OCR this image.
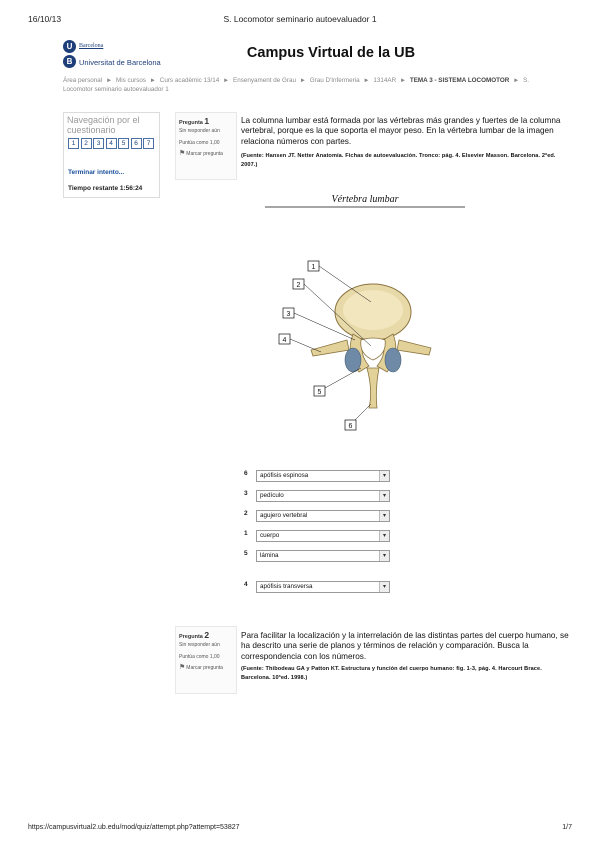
16/10/13	S. Locomotor seminario autoevaluador 1
U	Barcelona
B Universitat de Barcelona
Campus Virtual de la UB
Área personal ► Mis cursos ► Curs acadèmic 13/14 ► Ensenyament de Grau ► Grau D'Infermeria ► 1314AR ► TEMA 3 - SISTEMA LOCOMOTOR ► S. Locomotor seminario autoevaluador 1
Navegación por el cuestionario
1 2 3 4 5 6 7
Terminar intento...
Tiempo restante 1:56:24
Pregunta 1
Sin responder aún
Puntúa como 1,00
⚑Marcar pregunta
La columna lumbar está formada por las vértebras más grandes y fuertes de la columna vertebral, porque es la que soporta el mayor peso. En la vértebra lumbar de la imagen relaciona números con partes.
(Fuente: Hansen JT. Netter Anatomía. Fichas de autoevaluación. Tronco: pág. 4. Elsevier Masson. Barcelona. 2ªed. 2007.)
Vértebra lumbar
1
2
3
4
5
6
6	apófisis espinosa	▾
3	pedículo	▾
2	agujero vertebral	▾
1	cuerpo	▾
5	lámina	▾
4	apófisis transversa	▾
Pregunta 2
Sin responder aún
Puntúa como 1,00
⚑Marcar pregunta
Para facilitar la localización y la interrelación de las distintas partes del cuerpo humano, se ha descrito una serie de planos y términos de relación y comparación. Busca la correspondencia con los números.
(Fuente: Thibodeau GA y Patton KT. Estructura y función del cuerpo humano: fig. 1-3, pág. 4. Harcourt Brace. Barcelona. 10ªed. 1998.)
https://campusvirtual2.ub.edu/mod/quiz/attempt.php?attempt=53827	1/7
